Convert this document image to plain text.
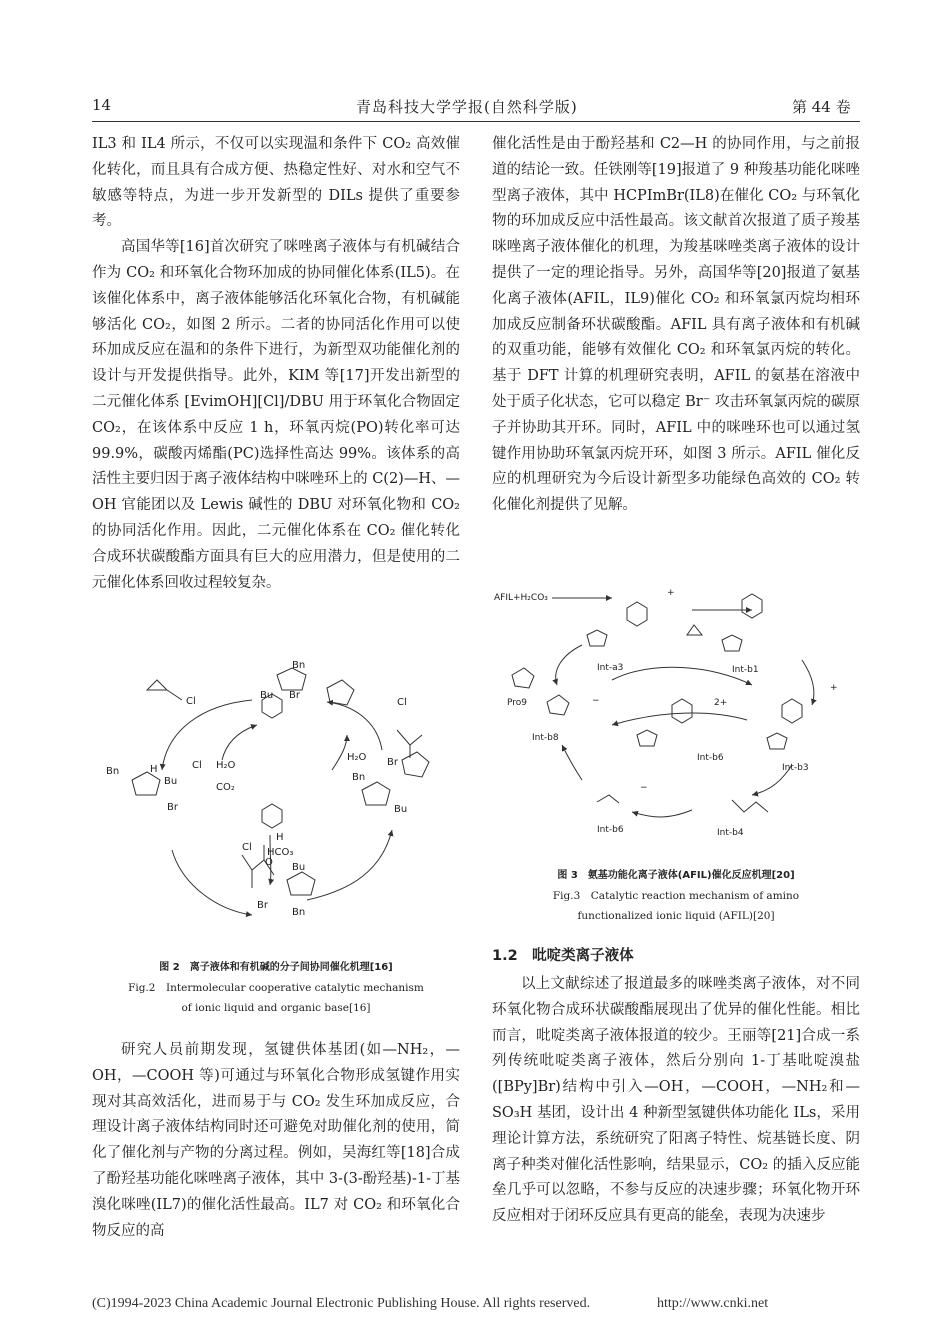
14	青岛科技大学学报(自然科学版)	第 44 卷

IL3 和 IL4 所示，不仅可以实现温和条件下 CO₂ 高效催化转化，而且具有合成方便、热稳定性好、对水和空气不敏感等特点，为进一步开发新型的 DILs 提供了重要参考。

高国华等[16]首次研究了咪唑离子液体与有机碱结合作为 CO₂ 和环氧化合物环加成的协同催化体系(IL5)。在该催化体系中，离子液体能够活化环氧化合物，有机碱能够活化 CO₂，如图 2 所示。二者的协同活化作用可以使环加成反应在温和的条件下进行，为新型双功能催化剂的设计与开发提供指导。此外，KIM 等[17]开发出新型的二元催化体系 [EvimOH][Cl]/DBU 用于环氧化合物固定 CO₂，在该体系中反应 1 h，环氧丙烷(PO)转化率可达 99.9%，碳酸丙烯酯(PC)选择性高达 99%。该体系的高活性主要归因于离子液体结构中咪唑环上的 C(2)—H、—OH 官能团以及 Lewis 碱性的 DBU 对环氧化物和 CO₂ 的协同活化作用。因此，二元催化体系在 CO₂ 催化转化合成环状碳酸酯方面具有巨大的应用潜力，但是使用的二元催化体系回收过程较复杂。

Bn
Bu Br
Cl	Cl
Bn
Bu
Br
H	Cl H₂O
CO₂
H₂O
H
HCO₃
Br
Bn
Bu
Cl
O Bu
Br
Bn
图 2　离子液体和有机碱的分子间协同催化机理[16]
Fig.2　Intermolecular cooperative catalytic mechanism
of ionic liquid and organic base[16]

研究人员前期发现，氢键供体基团(如—NH₂，—OH，—COOH 等)可通过与环氧化合物形成氢键作用实现对其高效活化，进而易于与 CO₂ 发生环加成反应，合理设计离子液体结构同时还可避免对助催化剂的使用，简化了催化剂与产物的分离过程。例如，吴海红等[18]合成了酚羟基功能化咪唑离子液体，其中 3-(3-酚羟基)-1-丁基溴化咪唑(IL7)的催化活性最高。IL7 对 CO₂ 和环氧化合物反应的高

催化活性是由于酚羟基和 C2—H 的协同作用，与之前报道的结论一致。任铁刚等[19]报道了 9 种羧基功能化咪唑型离子液体，其中 HCPImBr(IL8)在催化 CO₂ 与环氧化物的环加成反应中活性最高。该文献首次报道了质子羧基咪唑离子液体催化的机理，为羧基咪唑类离子液体的设计提供了一定的理论指导。另外，高国华等[20]报道了氨基化离子液体(AFIL，IL9)催化 CO₂ 和环氧氯丙烷均相环加成反应制备环状碳酸酯。AFIL 具有离子液体和有机碱的双重功能，能够有效催化 CO₂ 和环氧氯丙烷的转化。基于 DFT 计算的机理研究表明，AFIL 的氨基在溶液中处于质子化状态，它可以稳定 Br⁻ 攻击环氧氯丙烷的碳原子并协助其开环。同时，AFIL 中的咪唑环也可以通过氢键作用协助环氧氯丙烷开环，如图 3 所示。AFIL 催化反应的机理研究为今后设计新型多功能绿色高效的 CO₂ 转化催化剂提供了见解。

AFIL+H₂CO₃
Int-a3	Int-b1
Int-b3
Int-b4
Int-b6
Int-b6
Int-b8
Pro9	2+
+
+
−
−
图 3　氨基功能化离子液体(AFIL)催化反应机理[20]
Fig.3　Catalytic reaction mechanism of amino
functionalized ionic liquid (AFIL)[20]
1.2　吡啶类离子液体

以上文献综述了报道最多的咪唑类离子液体，对不同环氧化物合成环状碳酸酯展现出了优异的催化性能。相比而言，吡啶类离子液体报道的较少。王丽等[21]合成一系列传统吡啶类离子液体，然后分别向 1-丁基吡啶溴盐([BPy]Br)结构中引入—OH，—COOH，—NH₂和—SO₃H 基团，设计出 4 种新型氢键供体功能化 ILs，采用理论计算方法，系统研究了阳离子特性、烷基链长度、阴离子种类对催化活性影响，结果显示，CO₂ 的插入反应能垒几乎可以忽略，不参与反应的决速步骤；环氧化物开环反应相对于闭环反应具有更高的能垒，表现为决速步

(C)1994-2023 China Academic Journal Electronic Publishing House. All rights reserved.	http://www.cnki.net
